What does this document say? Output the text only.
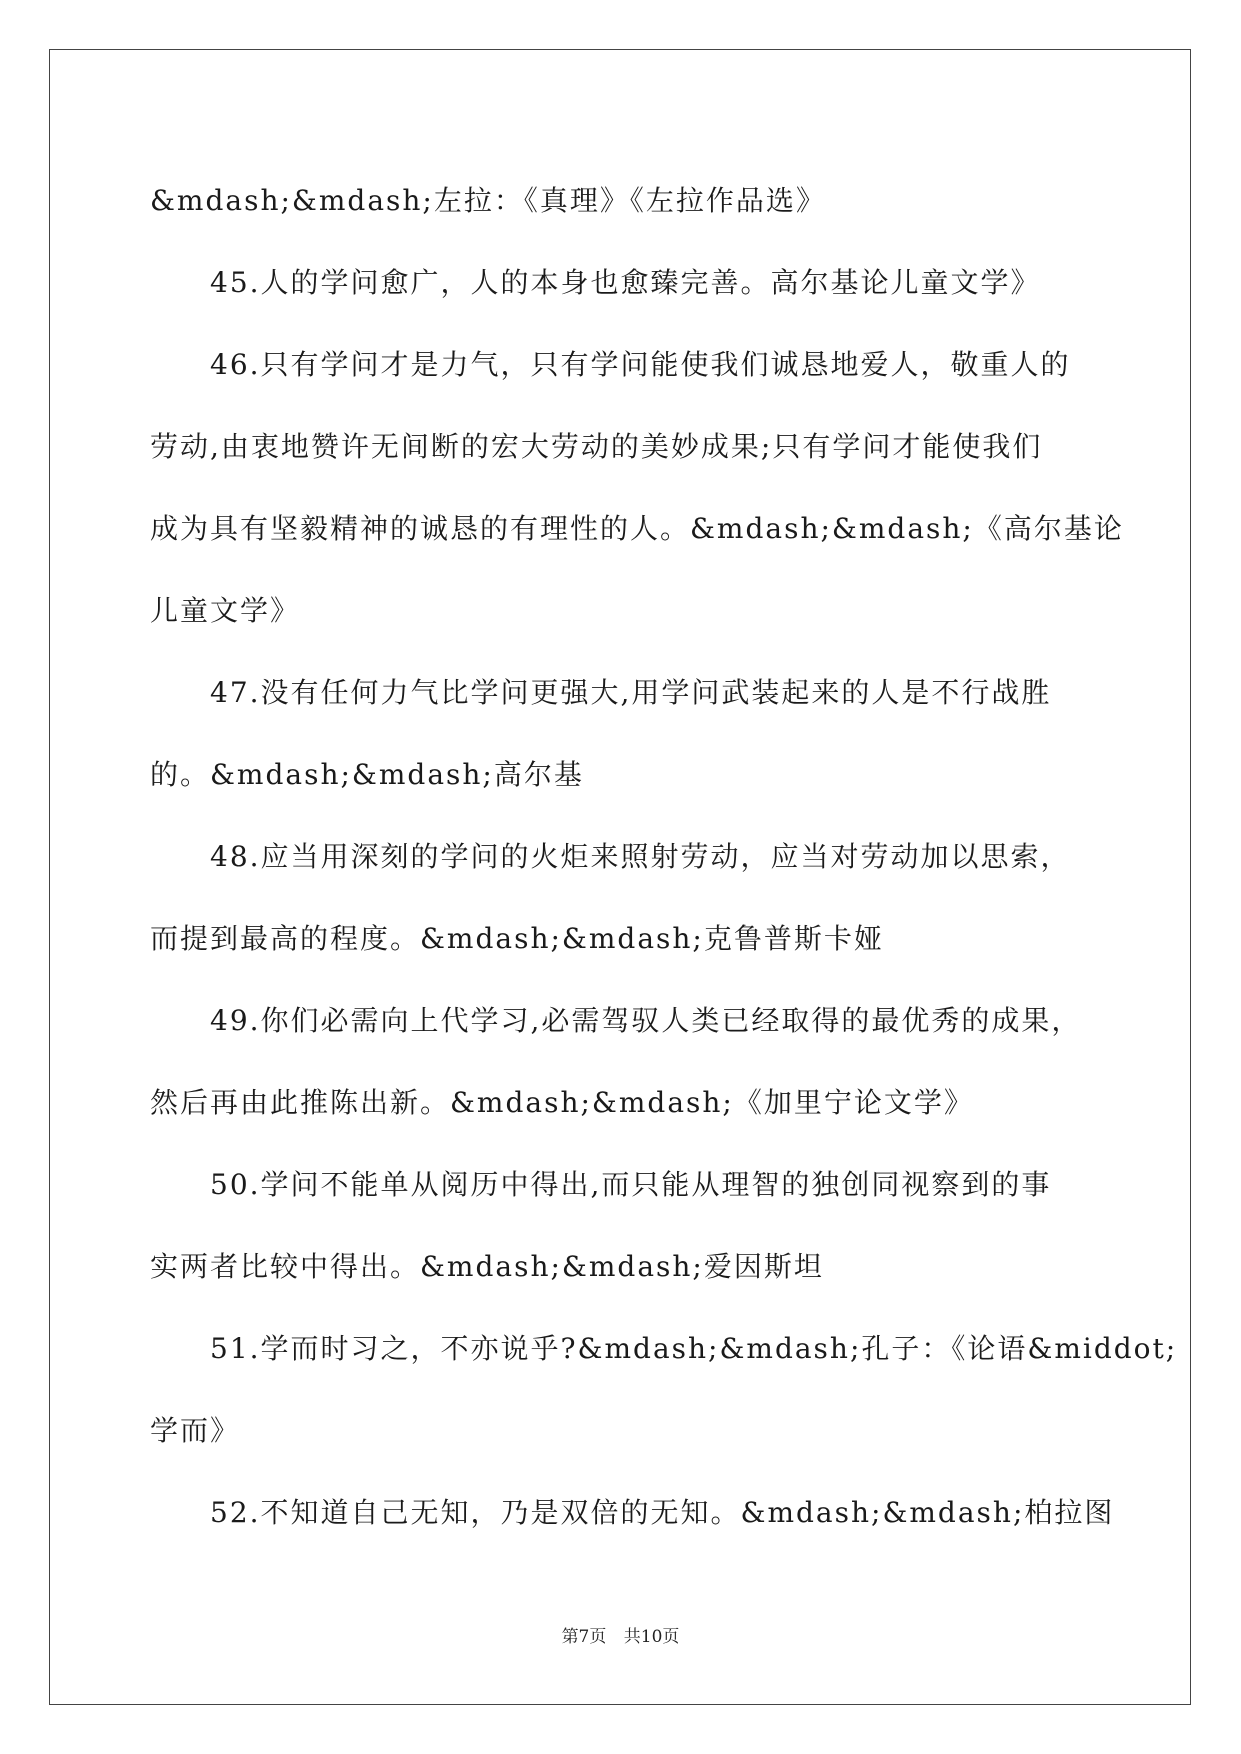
&mdash;&mdash;左拉：《真理》《左拉作品选》
45.人的学问愈广，人的本身也愈臻完善。高尔基论儿童文学》
46.只有学问才是力气，只有学问能使我们诚恳地爱人，敬重人的
劳动,由衷地赞许无间断的宏大劳动的美妙成果;只有学问才能使我们
成为具有坚毅精神的诚恳的有理性的人。&mdash;&mdash;《高尔基论
儿童文学》
47.没有任何力气比学问更强大,用学问武装起来的人是不行战胜
的。&mdash;&mdash;高尔基
48.应当用深刻的学问的火炬来照射劳动，应当对劳动加以思索，
而提到最高的程度。&mdash;&mdash;克鲁普斯卡娅
49.你们必需向上代学习,必需驾驭人类已经取得的最优秀的成果，
然后再由此推陈出新。&mdash;&mdash;《加里宁论文学》
50.学问不能单从阅历中得出,而只能从理智的独创同视察到的事
实两者比较中得出。&mdash;&mdash;爱因斯坦
51.学而时习之，不亦说乎?&mdash;&mdash;孔子：《论语&middot;
学而》
52.不知道自己无知，乃是双倍的无知。&mdash;&mdash;柏拉图
第7页 共10页
